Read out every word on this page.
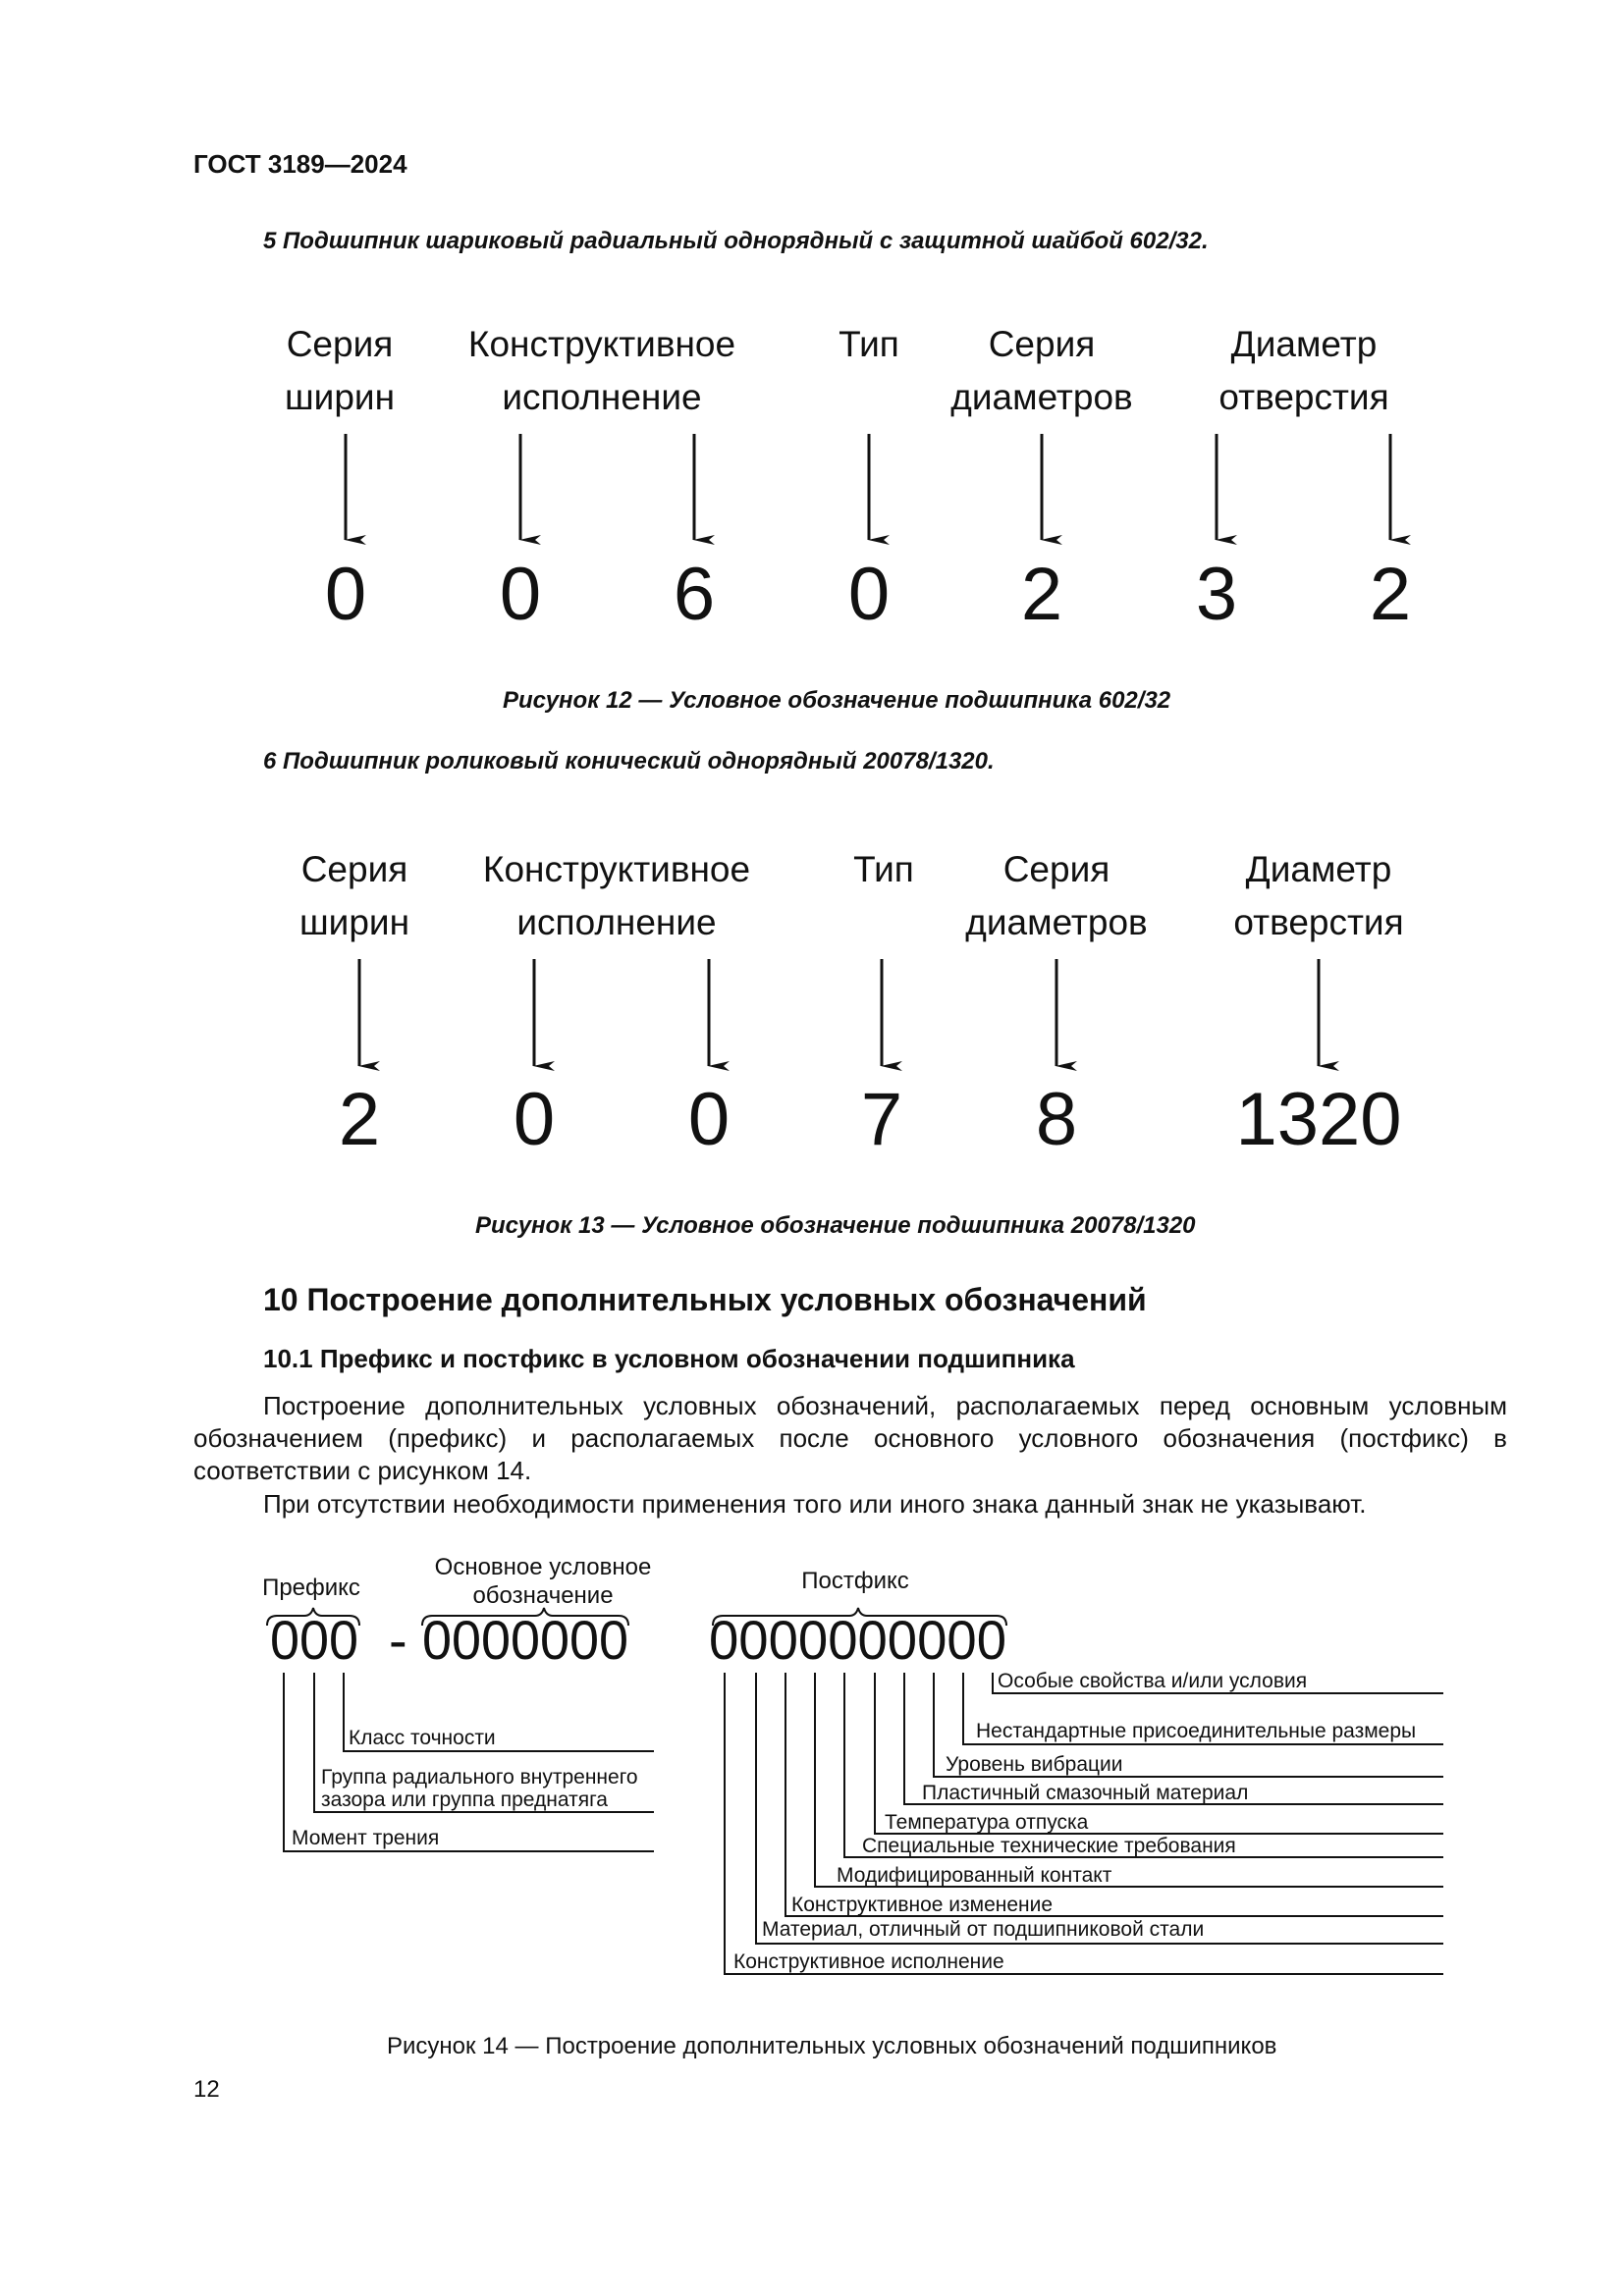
ГОСТ 3189—2024
5 Подшипник шариковый радиальный однорядный с защитной шайбой 602/32.
Серия
ширин
Конструктивное
исполнение
Тип	Серия
диаметров
Диаметр
отверстия
0 0 6 0 2 3 2
Рисунок 12 — Условное обозначение подшипника 602/32
6 Подшипник роликовый конический однорядный 20078/1320.
Серия
ширин
Конструктивное
исполнение
Тип	Серия
диаметров
Диаметр
отверстия
2 0 0 7 8 1320
Рисунок 13 — Условное обозначение подшипника 20078/1320
10 Построение дополнительных условных обозначений
10.1 Префикс и постфикс в условном обозначении подшипника
Построение дополнительных условных обозначений, располагаемых перед основным условным обозначением (префикс) и располагаемых после основного условного обозначения (постфикс) в соответствии с рисунком 14.
При отсутствии необходимости применения того или иного знака данный знак не указывают.
Префикс
Основное условное
обозначение
Постфикс
000 - 0000000 0000000000
Класс точности
Группа радиального внутреннего
зазора или группа преднатяга
Момент трения
Особые свойства и/или условия
Нестандартные присоединительные размеры
Уровень вибрации
Пластичный смазочный материал
Температура отпуска
Специальные технические требования
Модифицированный контакт
Конструктивное изменение
Материал, отличный от подшипниковой стали
Конструктивное исполнение
Рисунок 14 — Построение дополнительных условных обозначений подшипников
12
